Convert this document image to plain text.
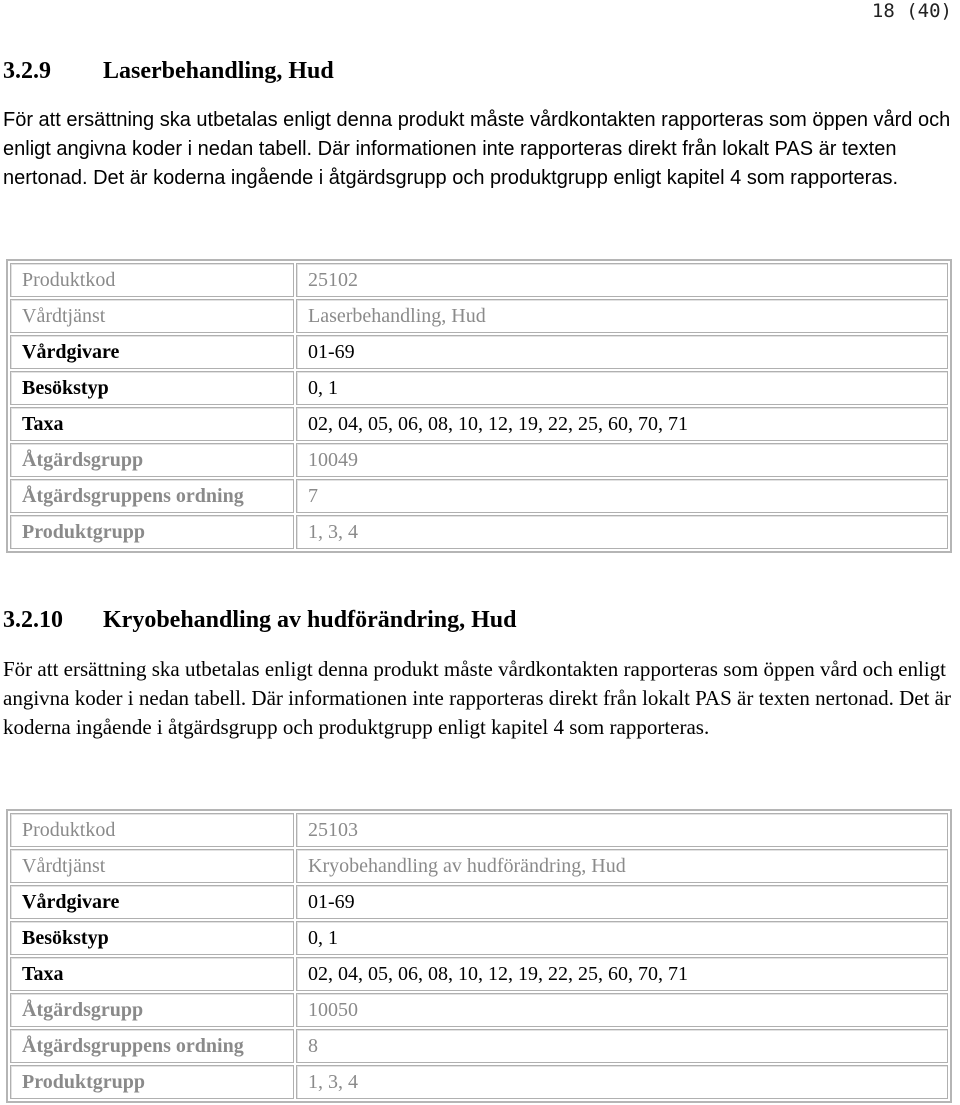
18 (40)
3.2.9	Laserbehandling, Hud
För att ersättning ska utbetalas enligt denna produkt måste vårdkontakten rapporteras som öppen vård och enligt angivna koder i nedan tabell. Där informationen inte rapporteras direkt från lokalt PAS är texten nertonad. Det är koderna ingående i åtgärdsgrupp och produktgrupp enligt kapitel 4 som rapporteras.
Produktkod	25102
Vårdtjänst	Laserbehandling, Hud
Vårdgivare	01-69
Besökstyp	0, 1
Taxa	02, 04, 05, 06, 08, 10, 12, 19, 22, 25, 60, 70, 71
Åtgärdsgrupp	10049
Åtgärdsgruppens ordning	7
Produktgrupp	1, 3, 4
3.2.10	Kryobehandling av hudförändring, Hud
För att ersättning ska utbetalas enligt denna produkt måste vårdkontakten rapporteras som öppen vård och enligt angivna koder i nedan tabell. Där informationen inte rapporteras direkt från lokalt PAS är texten nertonad. Det är koderna ingående i åtgärdsgrupp och produktgrupp enligt kapitel 4 som rapporteras.
Produktkod	25103
Vårdtjänst	Kryobehandling av hudförändring, Hud
Vårdgivare	01-69
Besökstyp	0, 1
Taxa	02, 04, 05, 06, 08, 10, 12, 19, 22, 25, 60, 70, 71
Åtgärdsgrupp	10050
Åtgärdsgruppens ordning	8
Produktgrupp	1, 3, 4
